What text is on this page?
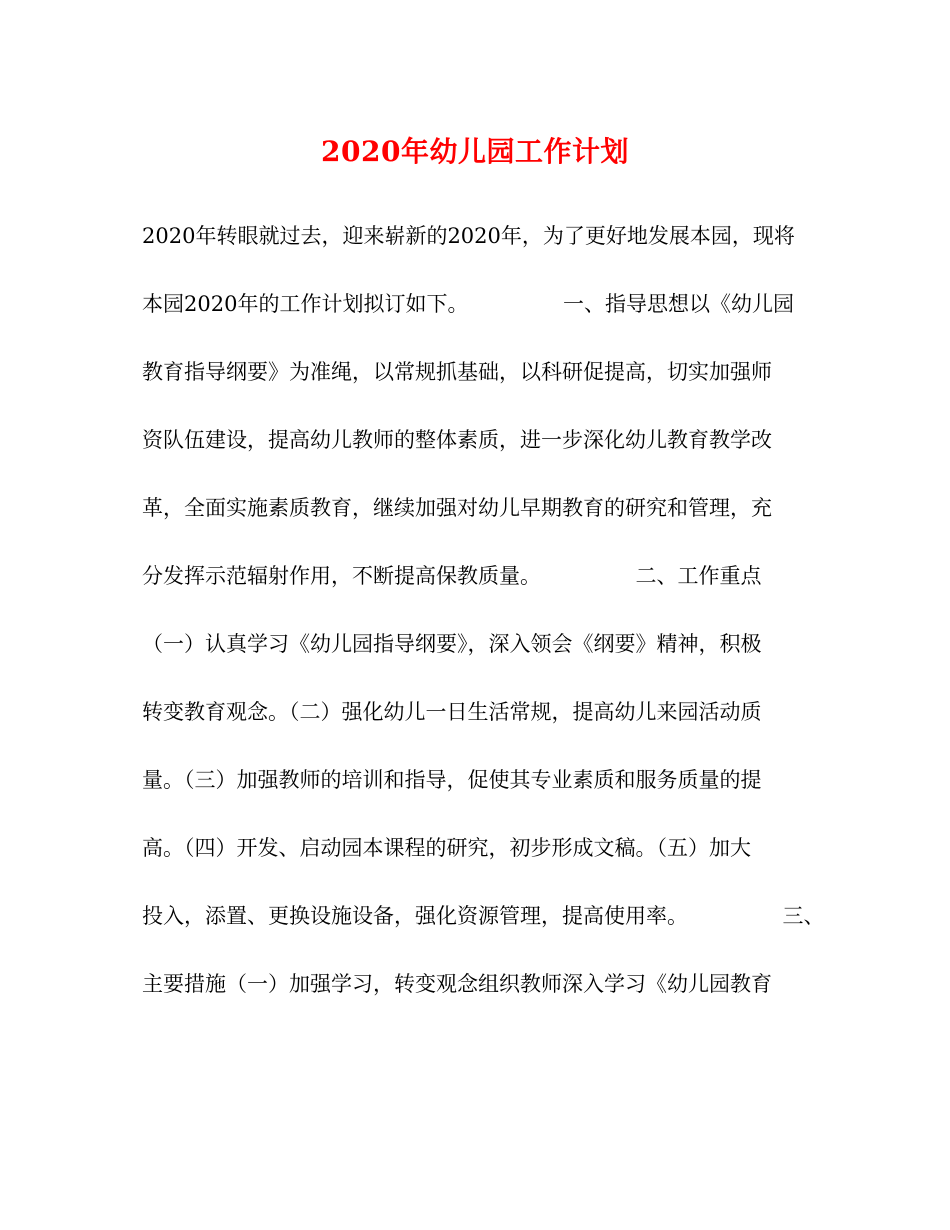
2020年幼儿园工作计划
2020年转眼就过去，迎来崭新的2020年，为了更好地发展本园，现将
本园2020年的工作计划拟订如下。　　　　　一、指导思想以《幼儿园
教育指导纲要》为准绳，以常规抓基础，以科研促提高，切实加强师
资队伍建设，提高幼儿教师的整体素质，进一步深化幼儿教育教学改
革，全面实施素质教育，继续加强对幼儿早期教育的研究和管理，充
分发挥示范辐射作用，不断提高保教质量。　　　　　二、工作重点
（一）认真学习《幼儿园指导纲要》，深入领会《纲要》精神，积极
转变教育观念。（二）强化幼儿一日生活常规，提高幼儿来园活动质
量。（三）加强教师的培训和指导，促使其专业素质和服务质量的提
高。（四）开发、启动园本课程的研究，初步形成文稿。（五）加大
投入，添置、更换设施设备，强化资源管理，提高使用率。　　　　　三、
主要措施（一）加强学习，转变观念组织教师深入学习《幼儿园教育
